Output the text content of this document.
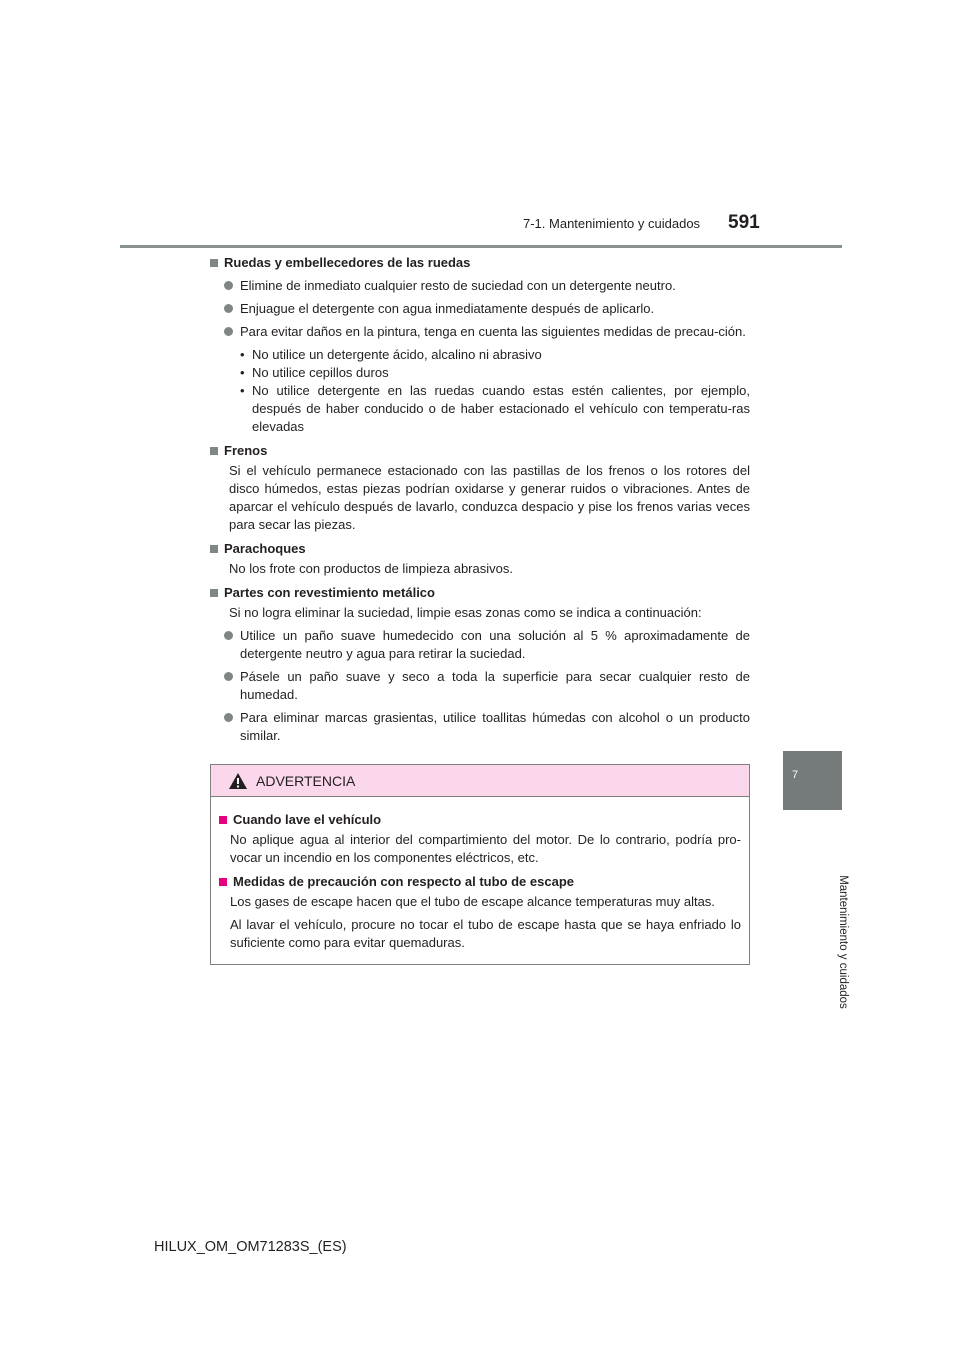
7-1. Mantenimiento y cuidados 591
7
Mantenimiento y cuidados
Ruedas y embellecedores de las ruedas
Elimine de inmediato cualquier resto de suciedad con un detergente neutro.
Enjuague el detergente con agua inmediatamente después de aplicarlo.
Para evitar daños en la pintura, tenga en cuenta las siguientes medidas de precau-ción.
• No utilice un detergente ácido, alcalino ni abrasivo
• No utilice cepillos duros
• No utilice detergente en las ruedas cuando estas estén calientes, por ejemplo, después de haber conducido o de haber estacionado el vehículo con temperatu-ras elevadas
Frenos
Si el vehículo permanece estacionado con las pastillas de los frenos o los rotores del disco húmedos, estas piezas podrían oxidarse y generar ruidos o vibraciones. Antes de aparcar el vehículo después de lavarlo, conduzca despacio y pise los frenos varias veces para secar las piezas.
Parachoques
No los frote con productos de limpieza abrasivos.
Partes con revestimiento metálico
Si no logra eliminar la suciedad, limpie esas zonas como se indica a continuación:
Utilice un paño suave humedecido con una solución al 5 % aproximadamente de detergente neutro y agua para retirar la suciedad.
Pásele un paño suave y seco a toda la superficie para secar cualquier resto de humedad.
Para eliminar marcas grasientas, utilice toallitas húmedas con alcohol o un producto similar.
ADVERTENCIA
Cuando lave el vehículo
No aplique agua al interior del compartimiento del motor. De lo contrario, podría pro-vocar un incendio en los componentes eléctricos, etc.
Medidas de precaución con respecto al tubo de escape
Los gases de escape hacen que el tubo de escape alcance temperaturas muy altas.
Al lavar el vehículo, procure no tocar el tubo de escape hasta que se haya enfriado lo suficiente como para evitar quemaduras.
HILUX_OM_OM71283S_(ES)
